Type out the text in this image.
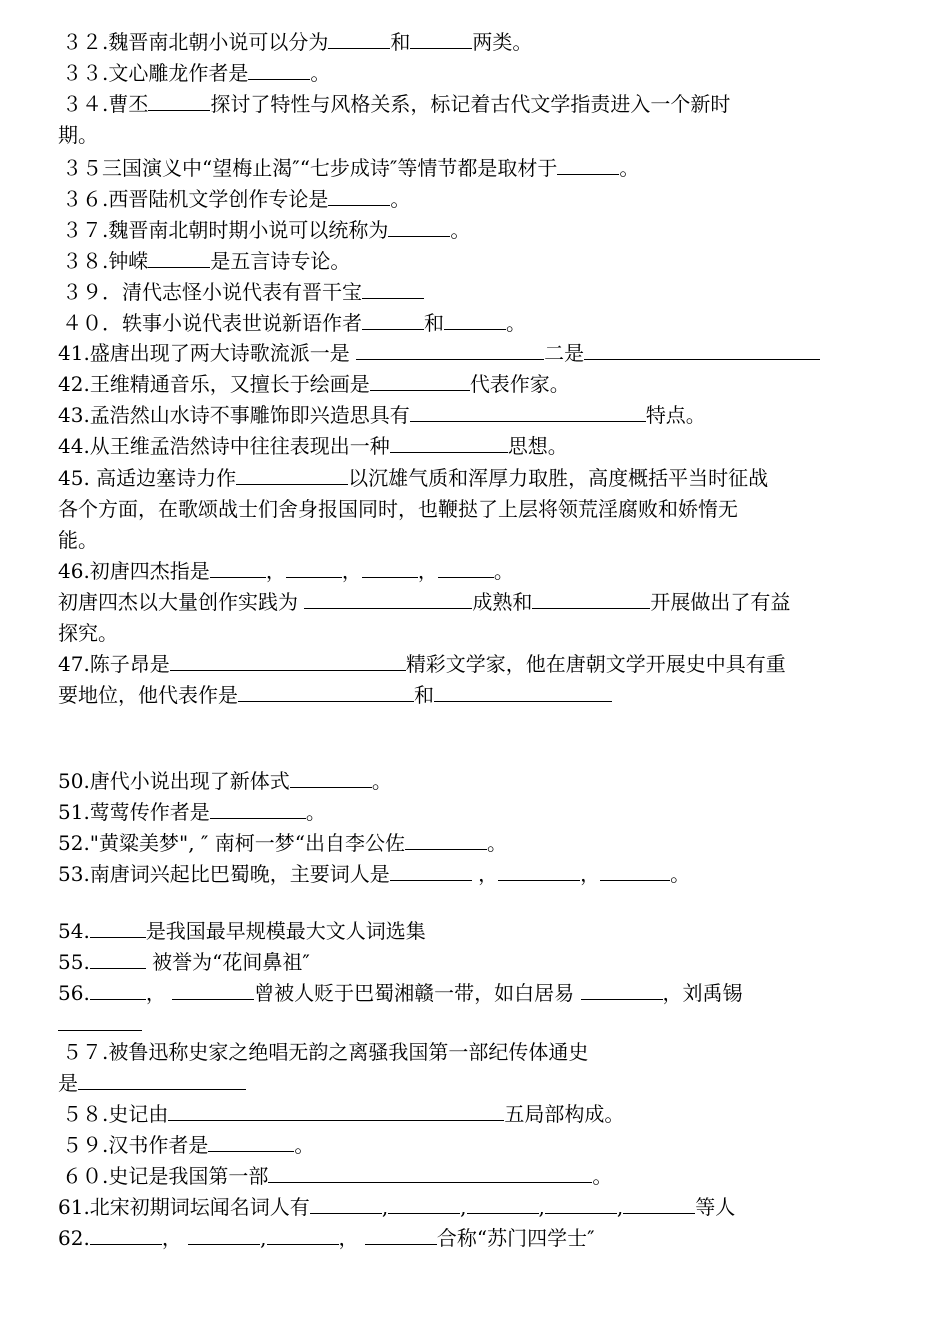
３２.魏晋南北朝小说可以分为	和	两类。
３３.文心雕龙作者是	。
３４.曹丕	探讨了特性与风格关系，标记着古代文学指责进入一个新时
期。
３５三国演义中“望梅止渴″“七步成诗″等情节都是取材于	。
３６.西晋陆机文学创作专论是	。
３７.魏晋南北朝时期小说可以统称为	。
３８.钟嵘	是五言诗专论。
３９．清代志怪小说代表有晋干宝
４０．轶事小说代表世说新语作者	和	。
41.盛唐出现了两大诗歌流派一是	二是
42.王维精通音乐，又擅长于绘画是	代表作家。
43.孟浩然山水诗不事雕饰即兴造思具有	特点。
44.从王维孟浩然诗中往往表现出一种	思想。
45. 高适边塞诗力作	以沉雄气质和浑厚力取胜，高度概括平当时征战
各个方面，在歌颂战士们舍身报国同时，也鞭挞了上层将领荒淫腐败和娇惰无
能。
46.初唐四杰指是	，	，	，	。
初唐四杰以大量创作实践为	成熟和	开展做出了有益
探究。
47.陈子昂是	精彩文学家，他在唐朝文学开展史中具有重
要地位，他代表作是	和
50.唐代小说出现了新体式	。
51.莺莺传作者是	。
52."黄粱美梦", ″ 南柯一梦“出自李公佐	。
53.南唐词兴起比巴蜀晚，主要词人是	，	，	。
54.	是我国最早规模最大文人词选集
55.	被誉为“花间鼻祖″
56.	，	曾被人贬于巴蜀湘赣一带，如白居易	，刘禹锡
５７.被鲁迅称史家之绝唱无韵之离骚我国第一部纪传体通史
是
５８.史记由	五局部构成。
５９.汉书作者是	。
６０.史记是我国第一部	。
61.北宋初期词坛闻名词人有	,	,	,	,	等人
62.	，	,	，	合称“苏门四学士″
